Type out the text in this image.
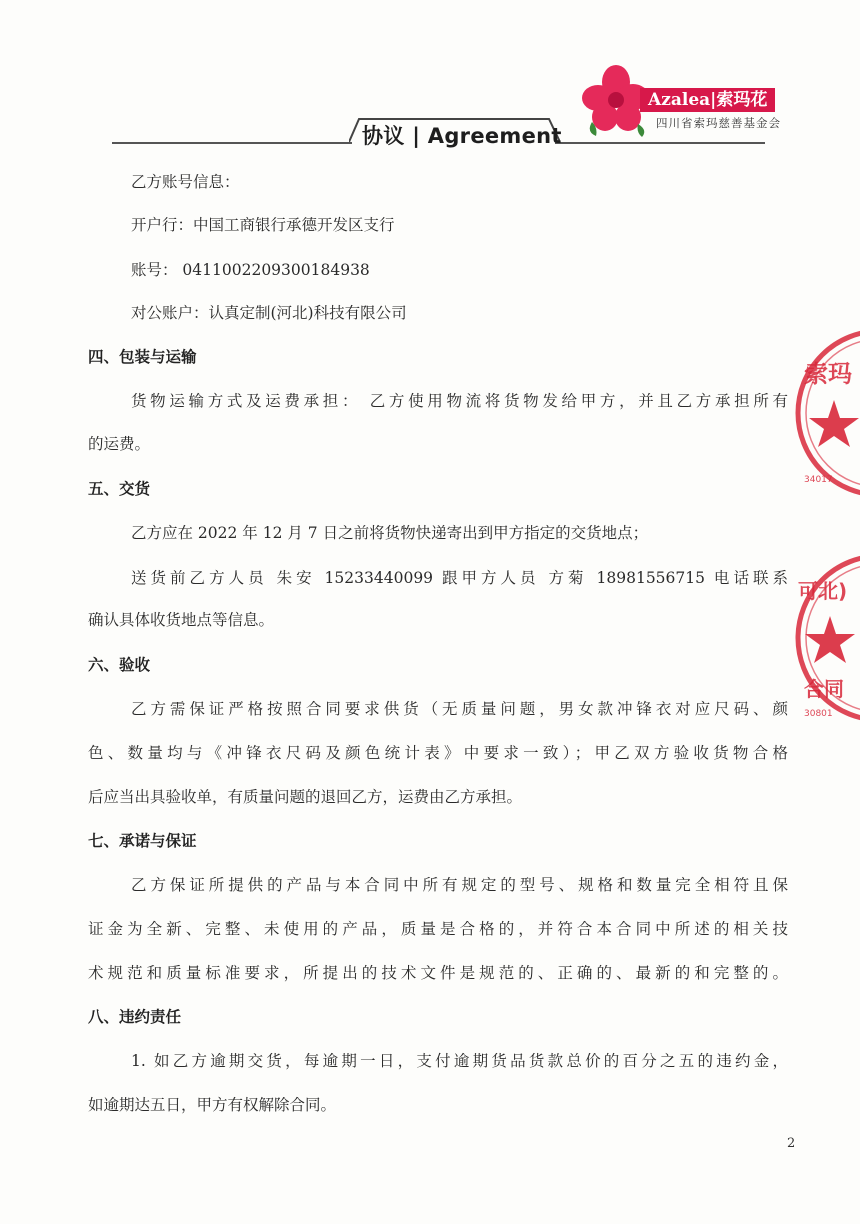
Azalea|索玛花
四川省索玛慈善基金会
协议 | Agreement
乙方账号信息：
开户行：中国工商银行承德开发区支行
账号： 0411002209300184938
对公账户：认真定制(河北)科技有限公司
四、包装与运输
货物运输方式及运费承担： 乙方使用物流将货物发给甲方，并且乙方承担所有
的运费。
五、交货
乙方应在 2022 年 12 月 7 日之前将货物快递寄出到甲方指定的交货地点；
送货前乙方人员 朱安 15233440099 跟甲方人员 方菊 18981556715 电话联系
确认具体收货地点等信息。
六、验收
乙方需保证严格按照合同要求供货（无质量问题，男女款冲锋衣对应尺码、颜
色、数量均与《冲锋衣尺码及颜色统计表》中要求一致）；甲乙双方验收货物合格
后应当出具验收单，有质量问题的退回乙方，运费由乙方承担。
七、承诺与保证
乙方保证所提供的产品与本合同中所有规定的型号、规格和数量完全相符且保
证金为全新、完整、未使用的产品，质量是合格的，并符合本合同中所述的相关技
术规范和质量标准要求，所提出的技术文件是规范的、正确的、最新的和完整的。
八、违约责任
1. 如乙方逾期交货，每逾期一日，支付逾期货品货款总价的百分之五的违约金，
如逾期达五日，甲方有权解除合同。
2
索玛
34017
可北)
合同
30801
